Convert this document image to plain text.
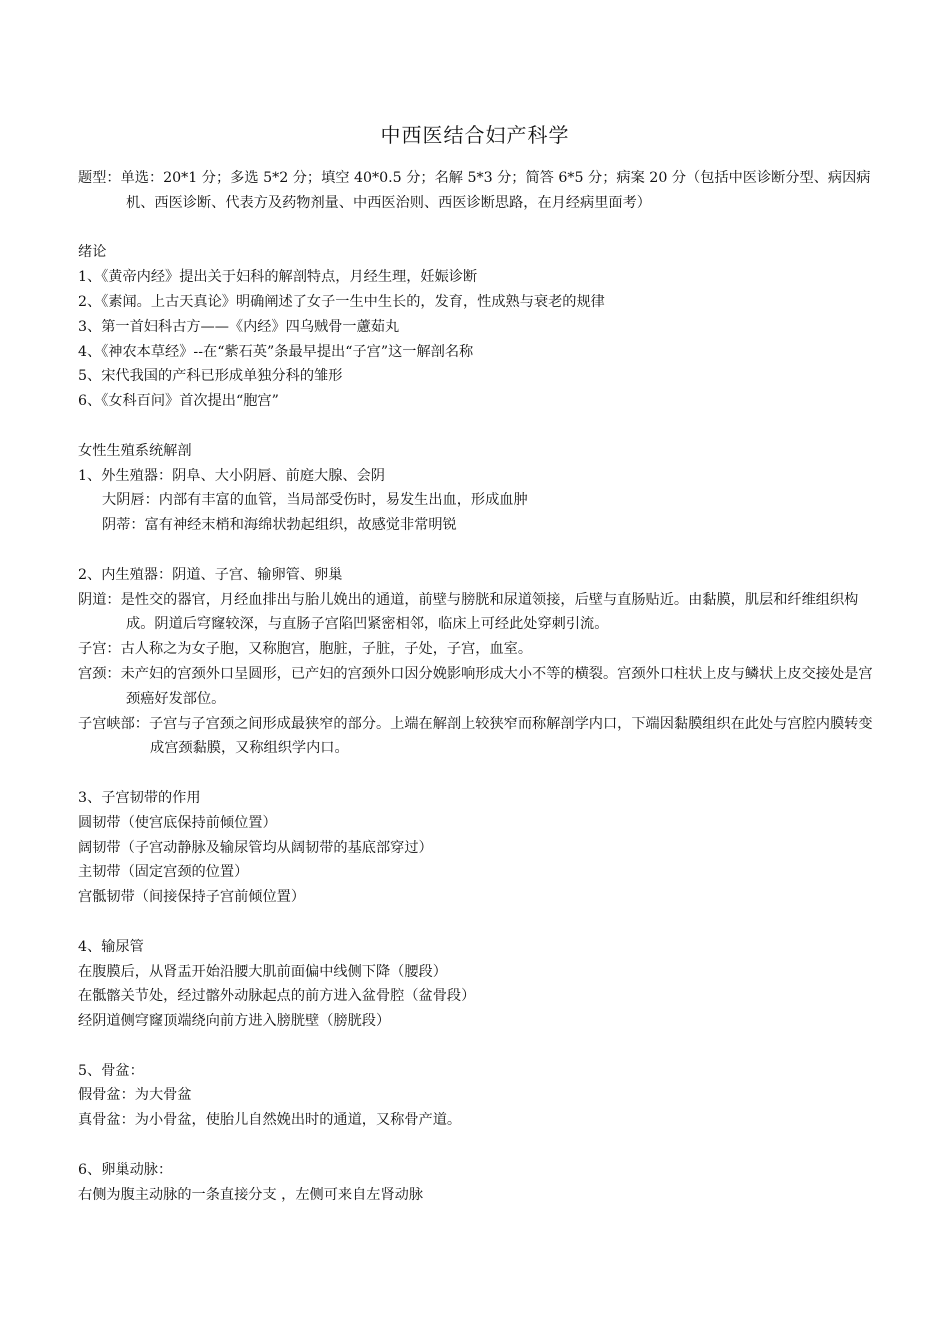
中西医结合妇产科学
题型：单选：20*1 分；多选 5*2 分；填空 40*0.5 分；名解 5*3 分；简答 6*5 分；病案 20 分（包括中医诊断分型、病因病机、西医诊断、代表方及药物剂量、中西医治则、西医诊断思路，在月经病里面考）
绪论
1、《黄帝内经》提出关于妇科的解剖特点，月经生理，妊娠诊断
2、《素闻。上古天真论》明确阐述了女子一生中生长的，发育，性成熟与衰老的规律
3、第一首妇科古方——《内经》四乌贼骨一藘茹丸
4、《神农本草经》--在“紫石英”条最早提出“子宫”这一解剖名称
5、宋代我国的产科已形成单独分科的雏形
6、《女科百问》首次提出“胞宫”
女性生殖系统解剖
1、外生殖器：阴阜、大小阴唇、前庭大腺、会阴
大阴唇：内部有丰富的血管，当局部受伤时，易发生出血，形成血肿
阴蒂：富有神经末梢和海绵状勃起组织，故感觉非常明锐
2、内生殖器：阴道、子宫、输卵管、卵巢
阴道：是性交的器官，月经血排出与胎儿娩出的通道，前壁与膀胱和尿道领接，后壁与直肠贴近。由黏膜，肌层和纤维组织构成。阴道后穹窿较深，与直肠子宫陷凹紧密相邻，临床上可经此处穿刺引流。
子宫：古人称之为女子胞，又称胞宫，胞脏，子脏，子处，子宫，血室。
宫颈：未产妇的宫颈外口呈圆形，已产妇的宫颈外口因分娩影响形成大小不等的横裂。宫颈外口柱状上皮与鳞状上皮交接处是宫颈癌好发部位。
子宫峡部：子宫与子宫颈之间形成最狭窄的部分。上端在解剖上较狭窄而称解剖学内口，下端因黏膜组织在此处与宫腔内膜转变成宫颈黏膜，又称组织学内口。
3、子宫韧带的作用
圆韧带（使宫底保持前倾位置）
阔韧带（子宫动静脉及输尿管均从阔韧带的基底部穿过）
主韧带（固定宫颈的位置）
宫骶韧带（间接保持子宫前倾位置）
4、输尿管
在腹膜后，从肾盂开始沿腰大肌前面偏中线侧下降（腰段）
在骶髂关节处，经过髂外动脉起点的前方进入盆骨腔（盆骨段）
经阴道侧穹窿顶端绕向前方进入膀胱壁（膀胱段）
5、骨盆：
假骨盆：为大骨盆
真骨盆：为小骨盆，使胎儿自然娩出时的通道，又称骨产道。
6、卵巢动脉：
右侧为腹主动脉的一条直接分支 ，左侧可来自左肾动脉
